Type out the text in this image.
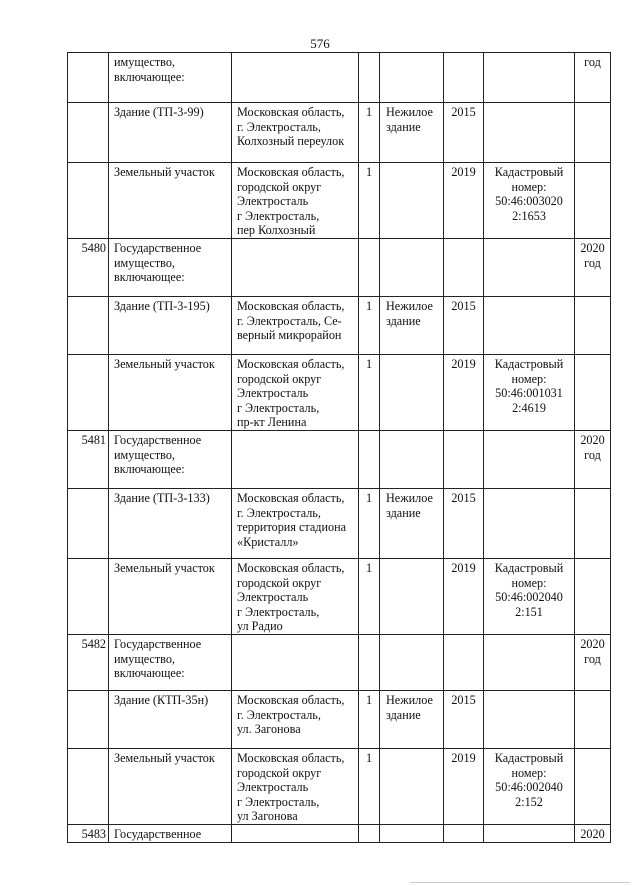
576
	имущество,
включающее:						год
	Здание (ТП-3-99)	Московская область,
г. Электросталь,
Колхозный переулок	1	Нежилое
здание	2015		
	Земельный участок	Московская область,
городской округ
Электросталь
г Электросталь,
пер Колхозный	1		2019	Кадастровый
номер:
50:46:003020
2:1653	
5480	Государственное
имущество,
включающее:						2020
год
	Здание (ТП-3-195)	Московская область,
г. Электросталь, Се-
верный микрорайон	1	Нежилое
здание	2015		
	Земельный участок	Московская область,
городской округ
Электросталь
г Электросталь,
пр-кт Ленина	1		2019	Кадастровый
номер:
50:46:001031
2:4619	
5481	Государственное
имущество,
включающее:						2020
год
	Здание (ТП-3-133)	Московская область,
г. Электросталь,
территория стадиона
«Кристалл»	1	Нежилое
здание	2015		
	Земельный участок	Московская область,
городской округ
Электросталь
г Электросталь,
ул Радио	1		2019	Кадастровый
номер:
50:46:002040
2:151	
5482	Государственное
имущество,
включающее:						2020
год
	Здание (КТП-35н)	Московская область,
г. Электросталь,
ул. Загонова	1	Нежилое
здание	2015		
	Земельный участок	Московская область,
городской округ
Электросталь
г Электросталь,
ул Загонова	1		2019	Кадастровый
номер:
50:46:002040
2:152	
5483	Государственное						2020
